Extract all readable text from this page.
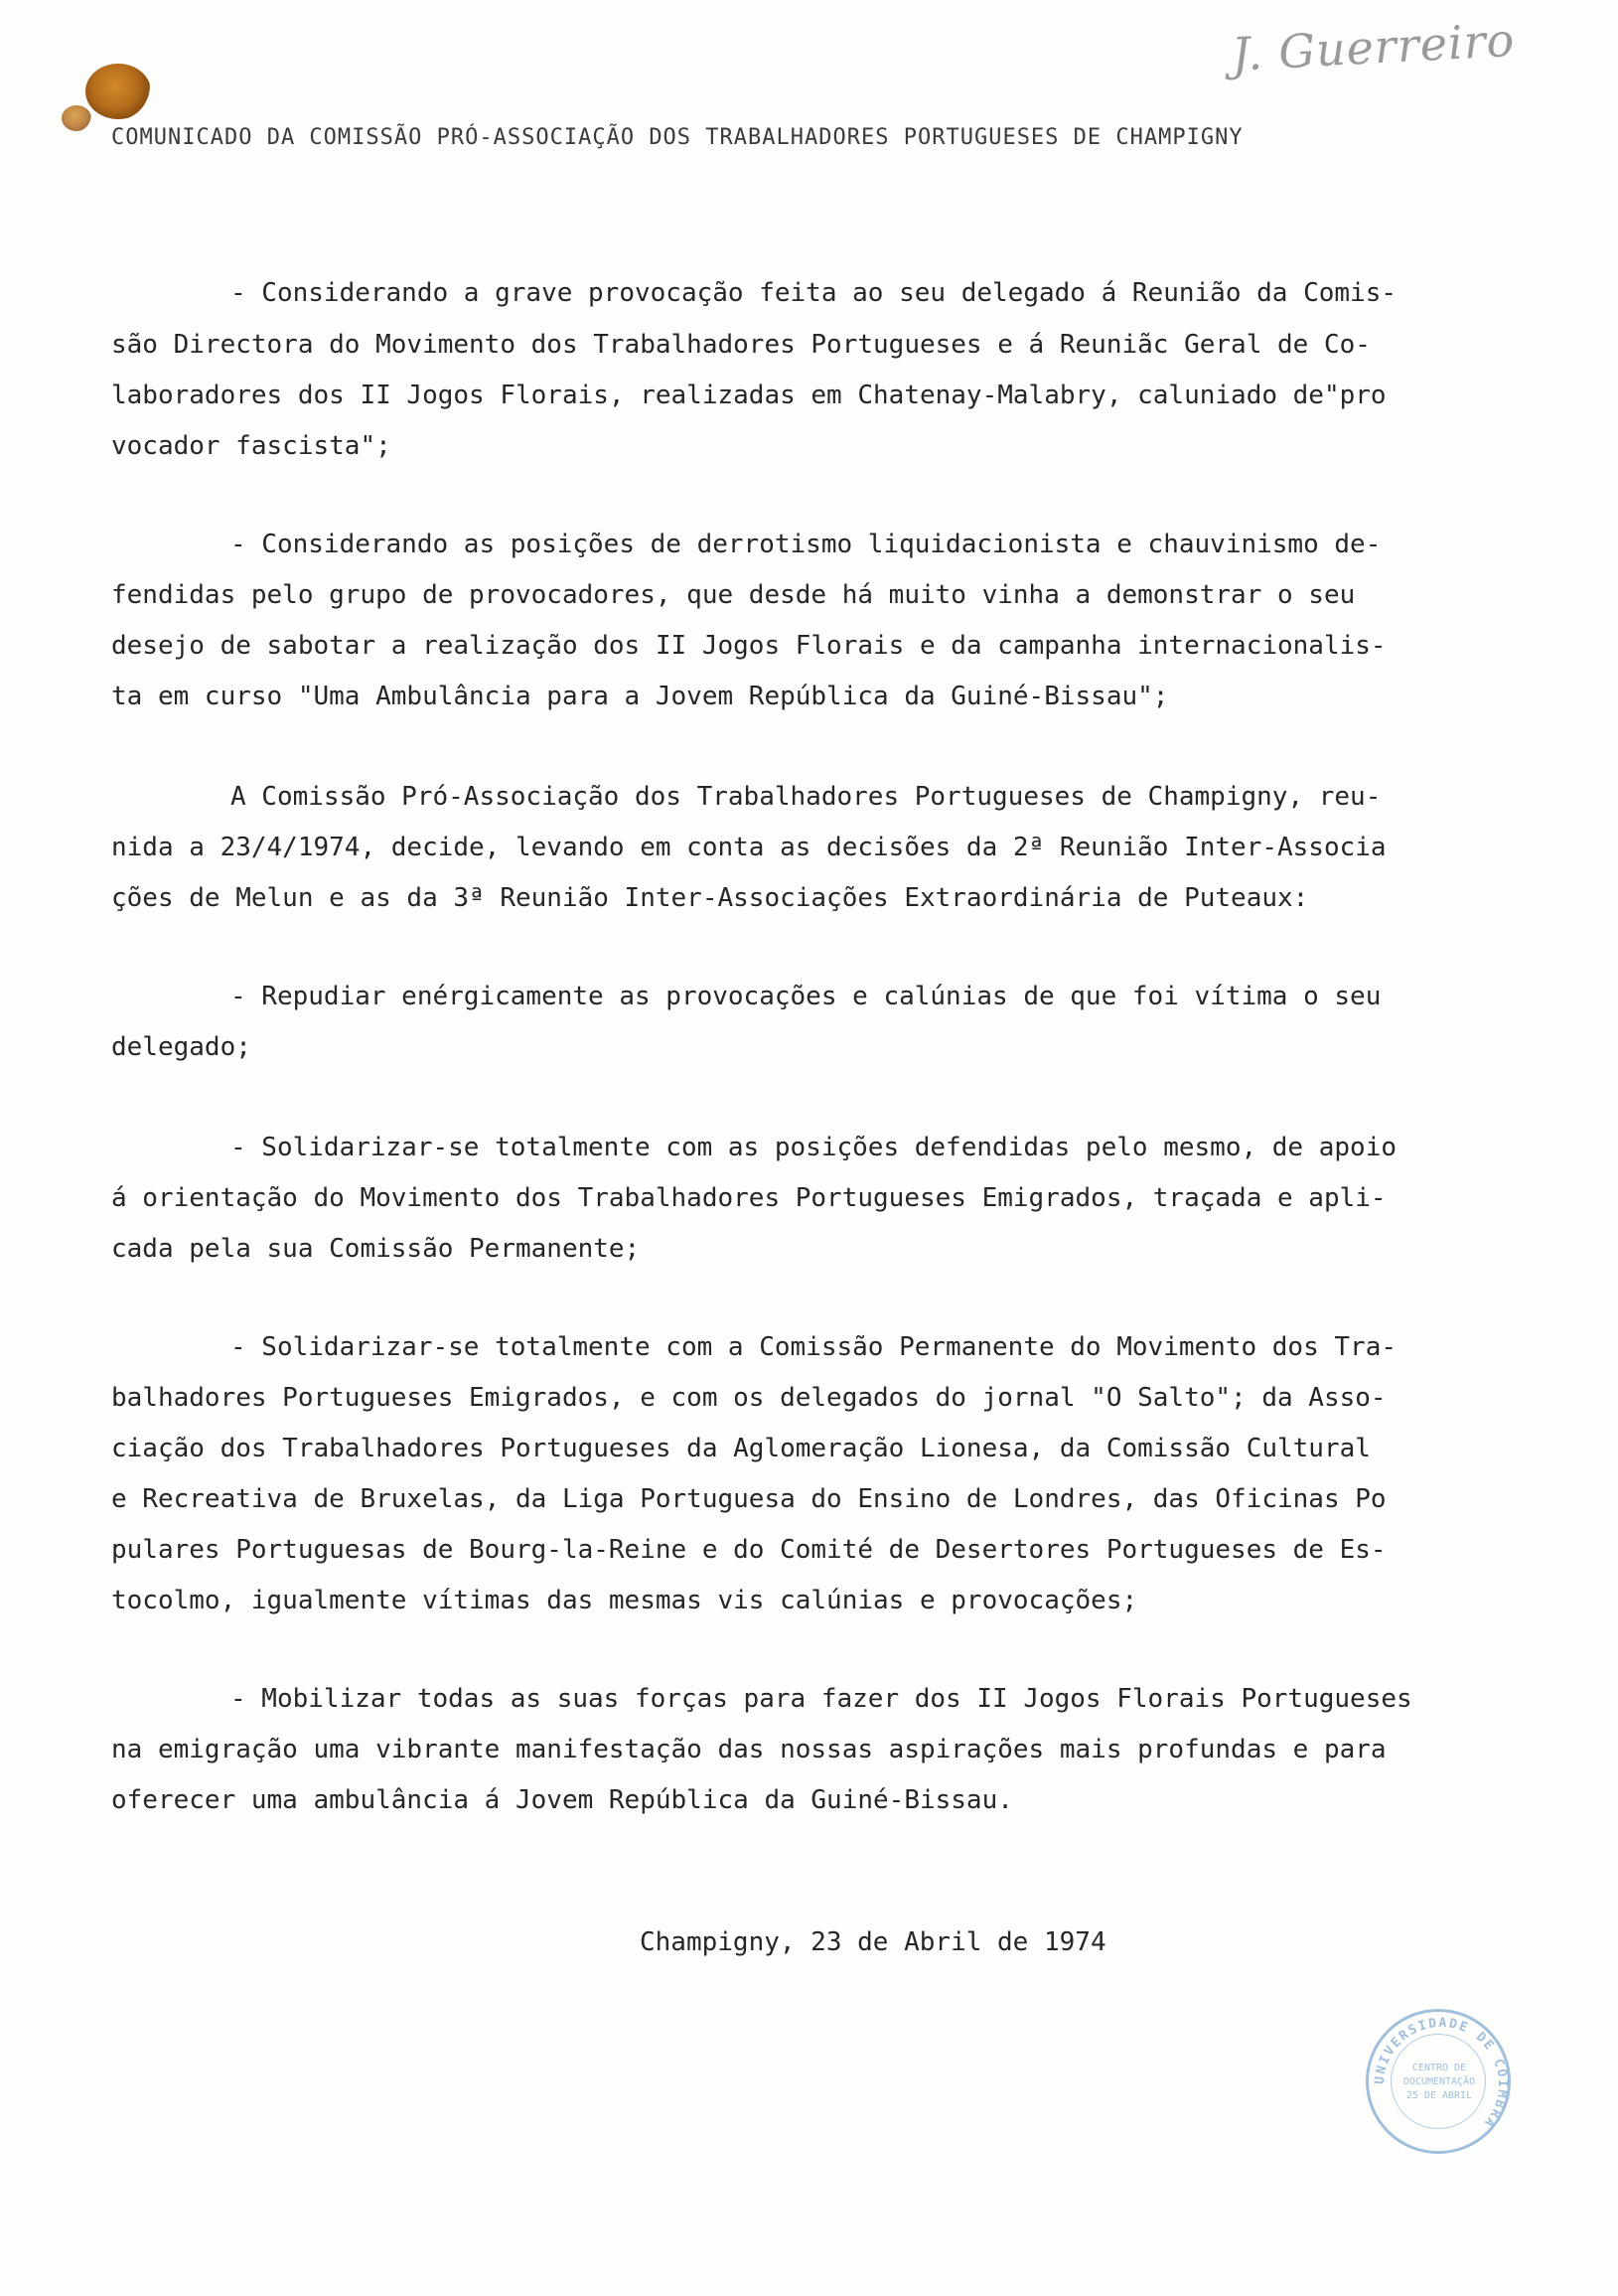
J. Guerreiro
COMUNICADO DA COMISSÃO PRÓ-ASSOCIAÇÃO DOS TRABALHADORES PORTUGUESES DE CHAMPIGNY
- Considerando a grave provocação feita ao seu delegado á Reunião da Comis-
são Directora do Movimento dos Trabalhadores Portugueses e á Reuniãc Geral de Co-
laboradores dos II Jogos Florais, realizadas em Chatenay-Malabry, caluniado de"pro
vocador fascista";
- Considerando as posições de derrotismo liquidacionista e chauvinismo de-
fendidas pelo grupo de provocadores, que desde há muito vinha a demonstrar o seu
desejo de sabotar a realização dos II Jogos Florais e da campanha internacionalis-
ta em curso "Uma Ambulância para a Jovem República da Guiné-Bissau";
A Comissão Pró-Associação dos Trabalhadores Portugueses de Champigny, reu-
nida a 23/4/1974, decide, levando em conta as decisões da 2ª Reunião Inter-Associa
ções de Melun e as da 3ª Reunião Inter-Associações Extraordinária de Puteaux:
- Repudiar enérgicamente as provocações e calúnias de que foi vítima o seu
delegado;
- Solidarizar-se totalmente com as posições defendidas pelo mesmo, de apoio
á orientação do Movimento dos Trabalhadores Portugueses Emigrados, traçada e apli-
cada pela sua Comissão Permanente;
- Solidarizar-se totalmente com a Comissão Permanente do Movimento dos Tra-
balhadores Portugueses Emigrados, e com os delegados do jornal "O Salto"; da Asso-
ciação dos Trabalhadores Portugueses da Aglomeração Lionesa, da Comissão Cultural
e Recreativa de Bruxelas, da Liga Portuguesa do Ensino de Londres, das Oficinas Po
pulares Portuguesas de Bourg-la-Reine e do Comité de Desertores Portugueses de Es-
tocolmo, igualmente vítimas das mesmas vis calúnias e provocações;
- Mobilizar todas as suas forças para fazer dos II Jogos Florais Portugueses
na emigração uma vibrante manifestação das nossas aspirações mais profundas e para
oferecer uma ambulância á Jovem República da Guiné-Bissau.
Champigny, 23 de Abril de 1974
UNIVERSIDADE DE COIMBRA
CENTRO DE
DOCUMENTAÇÃO
25 DE ABRIL
